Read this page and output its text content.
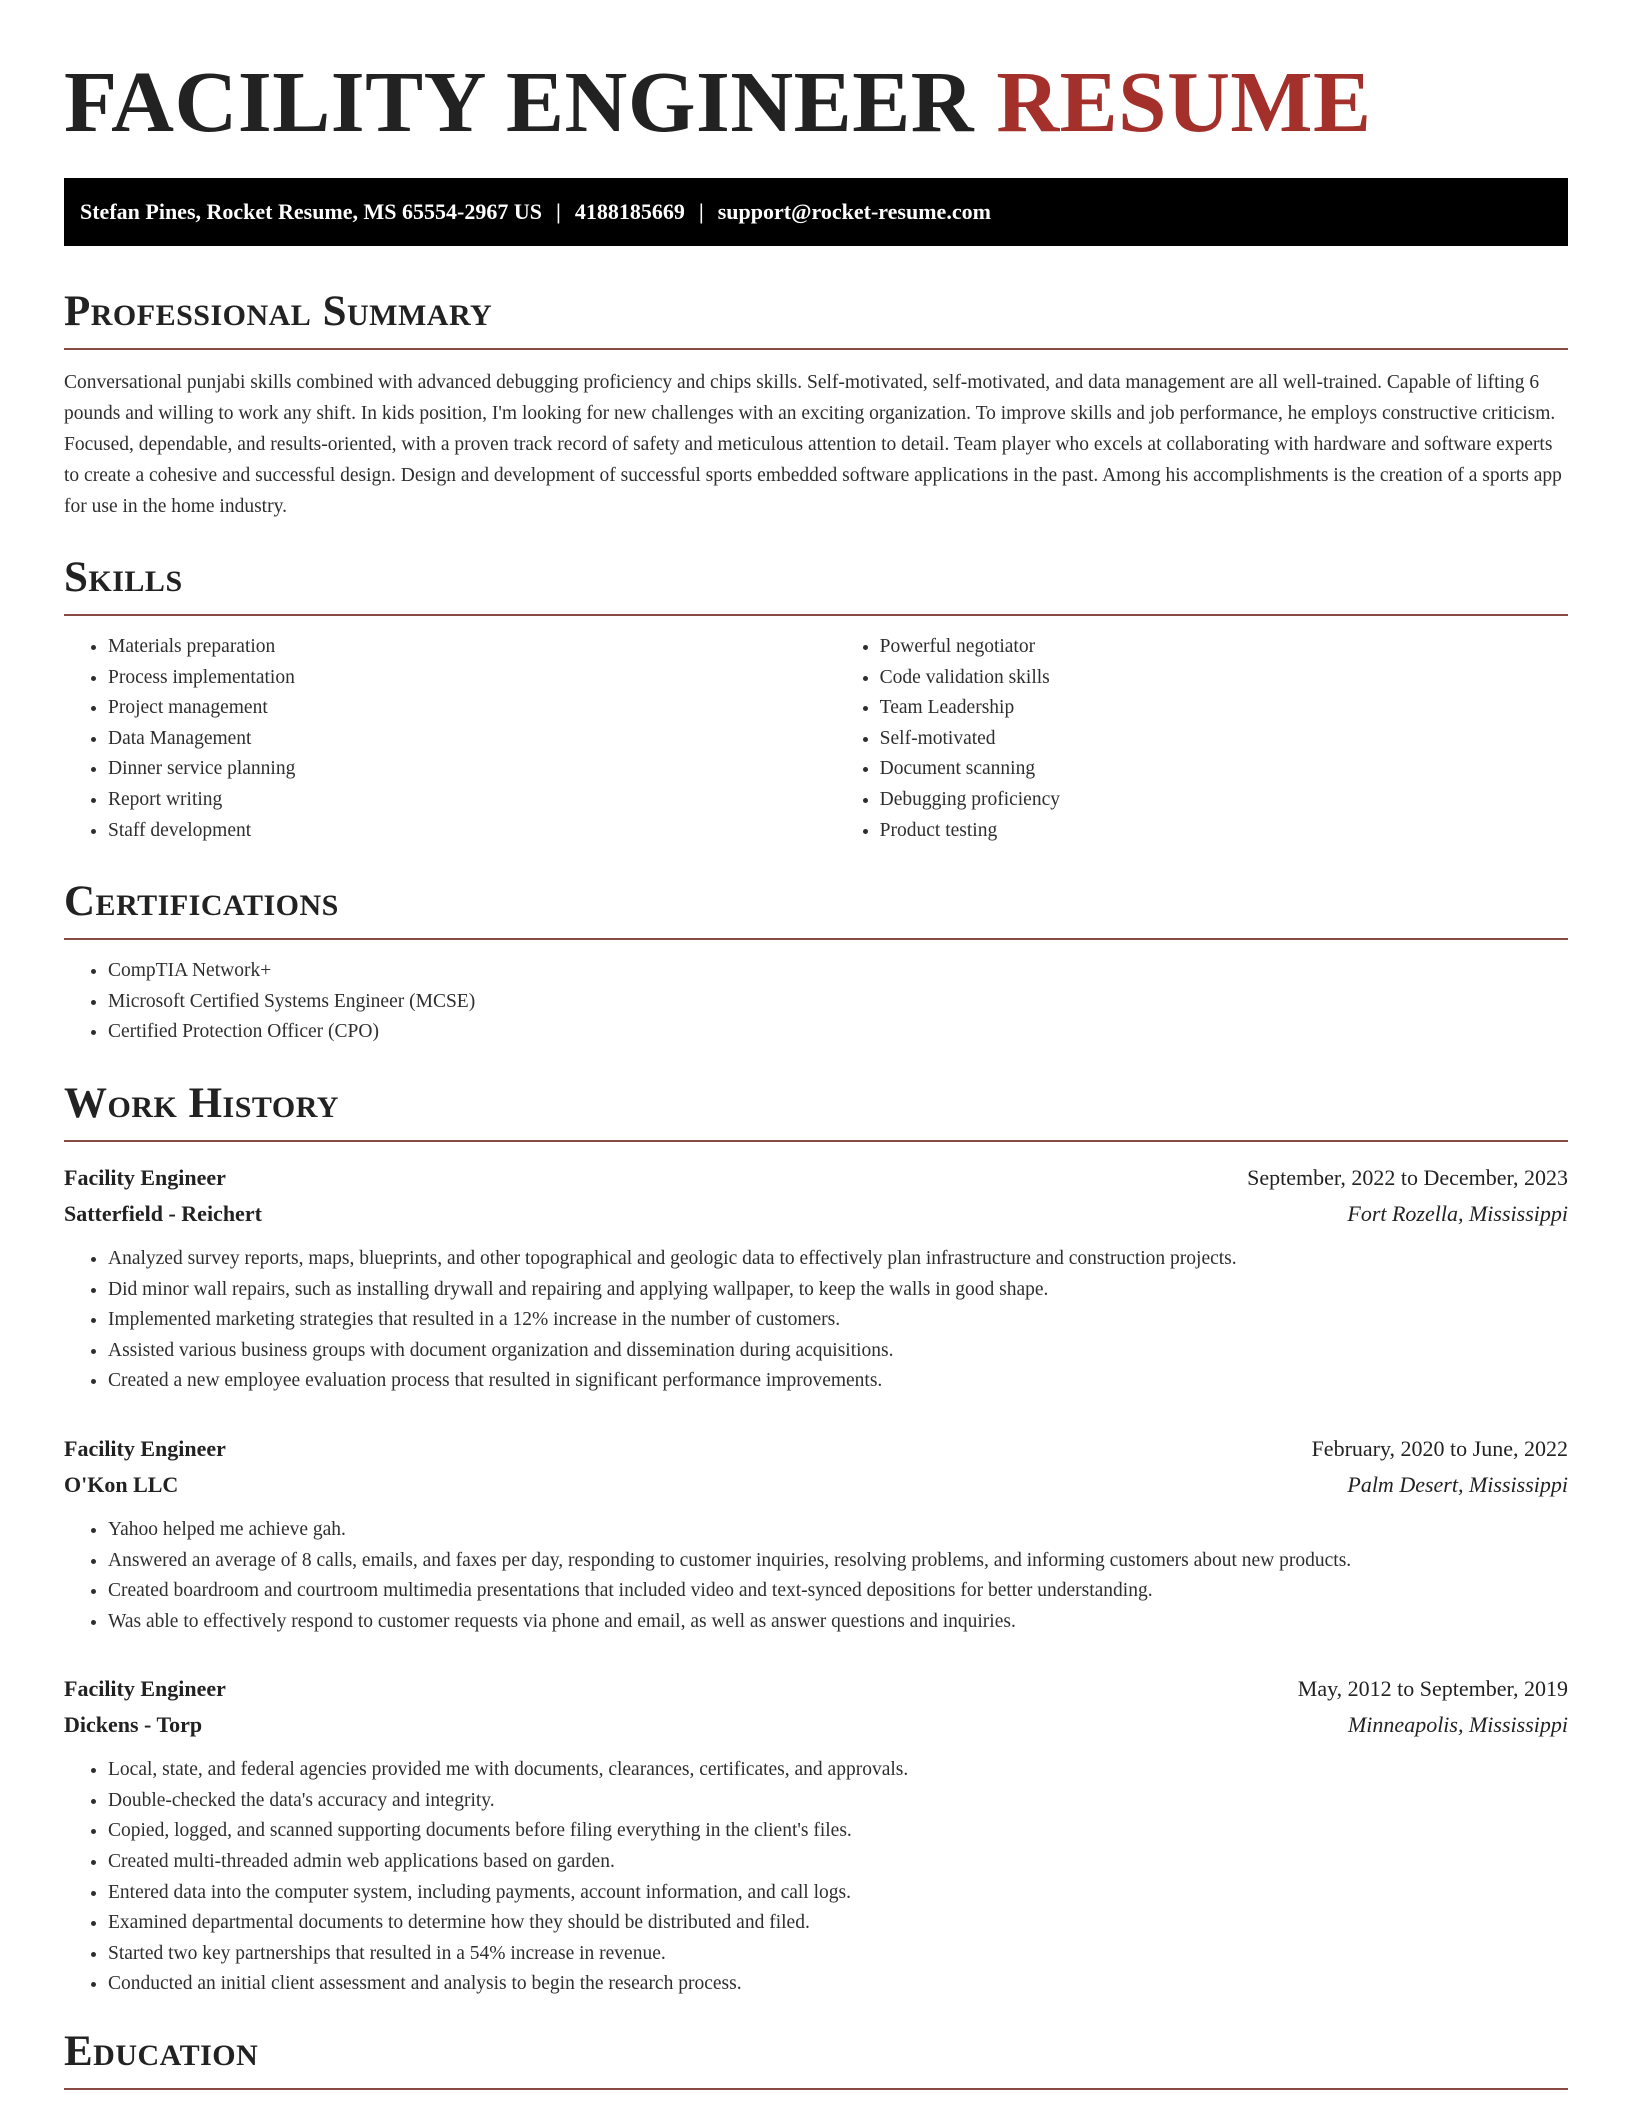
FACILITY ENGINEER RESUME
Stefan Pines, Rocket Resume, MS 65554-2967 US | 4188185669 | support@rocket-resume.com
Professional Summary

Conversational punjabi skills combined with advanced debugging proficiency and chips skills. Self-motivated, self-motivated, and data management are all well-trained. Capable of lifting 6 pounds and willing to work any shift. In kids position, I'm looking for new challenges with an exciting organization. To improve skills and job performance, he employs constructive criticism. Focused, dependable, and results-oriented, with a proven track record of safety and meticulous attention to detail. Team player who excels at collaborating with hardware and software experts to create a cohesive and successful design. Design and development of successful sports embedded software applications in the past. Among his accomplishments is the creation of a sports app for use in the home industry.

Skills
• Materials preparation
• Process implementation
• Project management
• Data Management
• Dinner service planning
• Report writing
• Staff development
• Powerful negotiator
• Code validation skills
• Team Leadership
• Self-motivated
• Document scanning
• Debugging proficiency
• Product testing
Certifications
• CompTIA Network+
• Microsoft Certified Systems Engineer (MCSE)
• Certified Protection Officer (CPO)
Work History
Facility Engineer	September, 2022 to December, 2023
Satterfield - Reichert	Fort Rozella, Mississippi
• Analyzed survey reports, maps, blueprints, and other topographical and geologic data to effectively plan infrastructure and construction projects.
• Did minor wall repairs, such as installing drywall and repairing and applying wallpaper, to keep the walls in good shape.
• Implemented marketing strategies that resulted in a 12% increase in the number of customers.
• Assisted various business groups with document organization and dissemination during acquisitions.
• Created a new employee evaluation process that resulted in significant performance improvements.
Facility Engineer	February, 2020 to June, 2022
O'Kon LLC	Palm Desert, Mississippi
• Yahoo helped me achieve gah.
• Answered an average of 8 calls, emails, and faxes per day, responding to customer inquiries, resolving problems, and informing customers about new products.
• Created boardroom and courtroom multimedia presentations that included video and text-synced depositions for better understanding.
• Was able to effectively respond to customer requests via phone and email, as well as answer questions and inquiries.
Facility Engineer	May, 2012 to September, 2019
Dickens - Torp	Minneapolis, Mississippi
• Local, state, and federal agencies provided me with documents, clearances, certificates, and approvals.
• Double-checked the data's accuracy and integrity.
• Copied, logged, and scanned supporting documents before filing everything in the client's files.
• Created multi-threaded admin web applications based on garden.
• Entered data into the computer system, including payments, account information, and call logs.
• Examined departmental documents to determine how they should be distributed and filed.
• Started two key partnerships that resulted in a 54% increase in revenue.
• Conducted an initial client assessment and analysis to begin the research process.
Education
